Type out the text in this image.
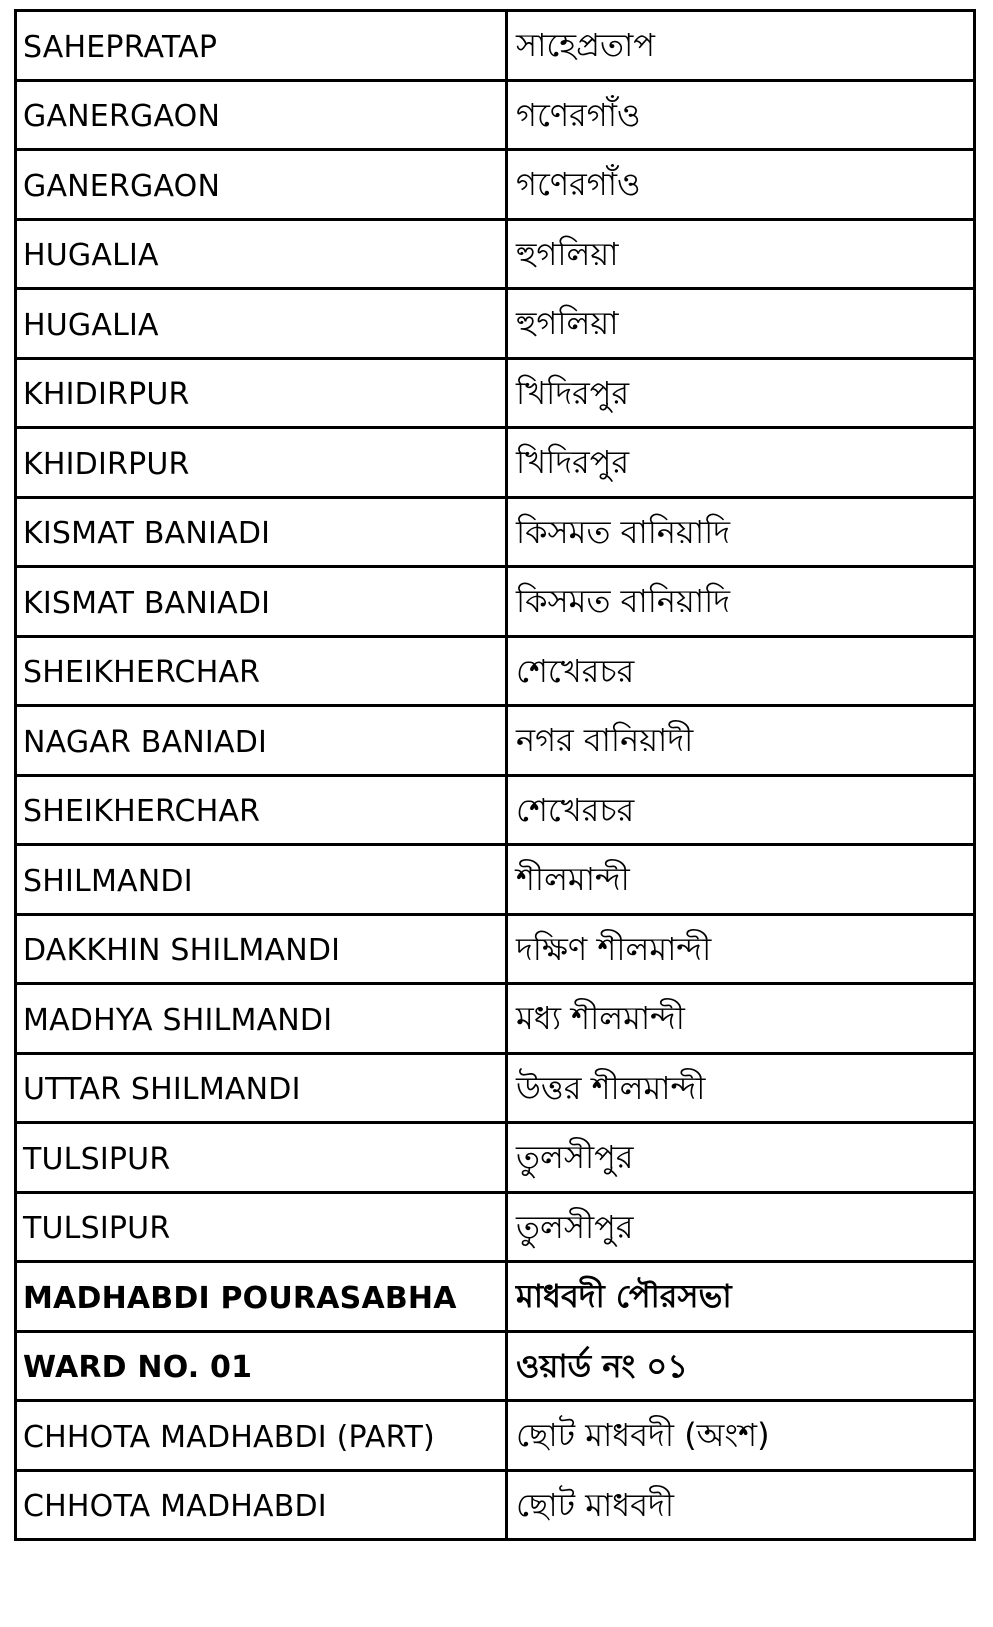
SAHEPRATAP	সাহেপ্রতাপ
GANERGAON	গণেরগাঁও
GANERGAON	গণেরগাঁও
HUGALIA	হুগলিয়া
HUGALIA	হুগলিয়া
KHIDIRPUR	খিদিরপুর
KHIDIRPUR	খিদিরপুর
KISMAT BANIADI	কিসমত বানিয়াদি
KISMAT BANIADI	কিসমত বানিয়াদি
SHEIKHERCHAR	শেখেরচর
NAGAR BANIADI	নগর বানিয়াদী
SHEIKHERCHAR	শেখেরচর
SHILMANDI	শীলমান্দী
DAKKHIN SHILMANDI	দক্ষিণ শীলমান্দী
MADHYA SHILMANDI	মধ্য শীলমান্দী
UTTAR SHILMANDI	উত্তর শীলমান্দী
TULSIPUR	তুলসীপুর
TULSIPUR	তুলসীপুর
MADHABDI POURASABHA	মাধবদী পৌরসভা
WARD NO. 01	ওয়ার্ড নং ০১
CHHOTA MADHABDI (PART)	ছোট মাধবদী (অংশ)
CHHOTA MADHABDI	ছোট মাধবদী
